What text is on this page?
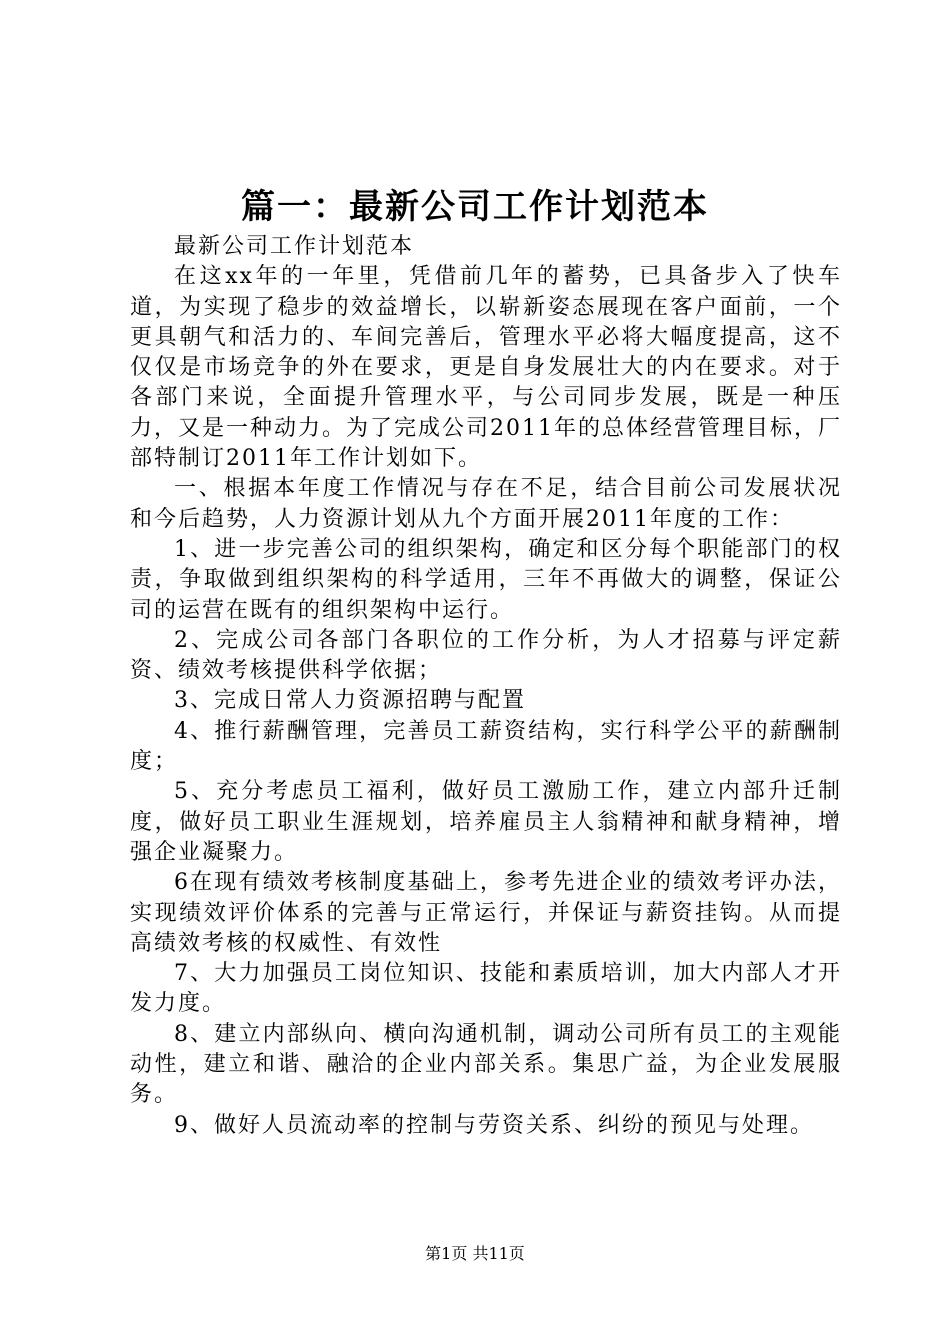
篇一：最新公司工作计划范本

最新公司工作计划范本

在这xx年的一年里，凭借前几年的蓄势，已具备步入了快车道，为实现了稳步的效益增长，以崭新姿态展现在客户面前，一个更具朝气和活力的、车间完善后，管理水平必将大幅度提高，这不仅仅是市场竞争的外在要求，更是自身发展壮大的内在要求。对于各部门来说，全面提升管理水平，与公司同步发展，既是一种压力，又是一种动力。为了完成公司2011年的总体经营管理目标，厂部特制订2011年工作计划如下。

一、根据本年度工作情况与存在不足，结合目前公司发展状况和今后趋势，人力资源计划从九个方面开展2011年度的工作：

1、进一步完善公司的组织架构，确定和区分每个职能部门的权责，争取做到组织架构的科学适用，三年不再做大的调整，保证公司的运营在既有的组织架构中运行。

2、完成公司各部门各职位的工作分析，为人才招募与评定薪资、绩效考核提供科学依据；

3、完成日常人力资源招聘与配置

4、推行薪酬管理，完善员工薪资结构，实行科学公平的薪酬制度；

5、充分考虑员工福利，做好员工激励工作，建立内部升迁制度，做好员工职业生涯规划，培养雇员主人翁精神和献身精神，增强企业凝聚力。

6在现有绩效考核制度基础上，参考先进企业的绩效考评办法，实现绩效评价体系的完善与正常运行，并保证与薪资挂钩。从而提高绩效考核的权威性、有效性

7、大力加强员工岗位知识、技能和素质培训，加大内部人才开发力度。

8、建立内部纵向、横向沟通机制，调动公司所有员工的主观能动性，建立和谐、融洽的企业内部关系。集思广益，为企业发展服务。

9、做好人员流动率的控制与劳资关系、纠纷的预见与处理。

第1页 共11页
